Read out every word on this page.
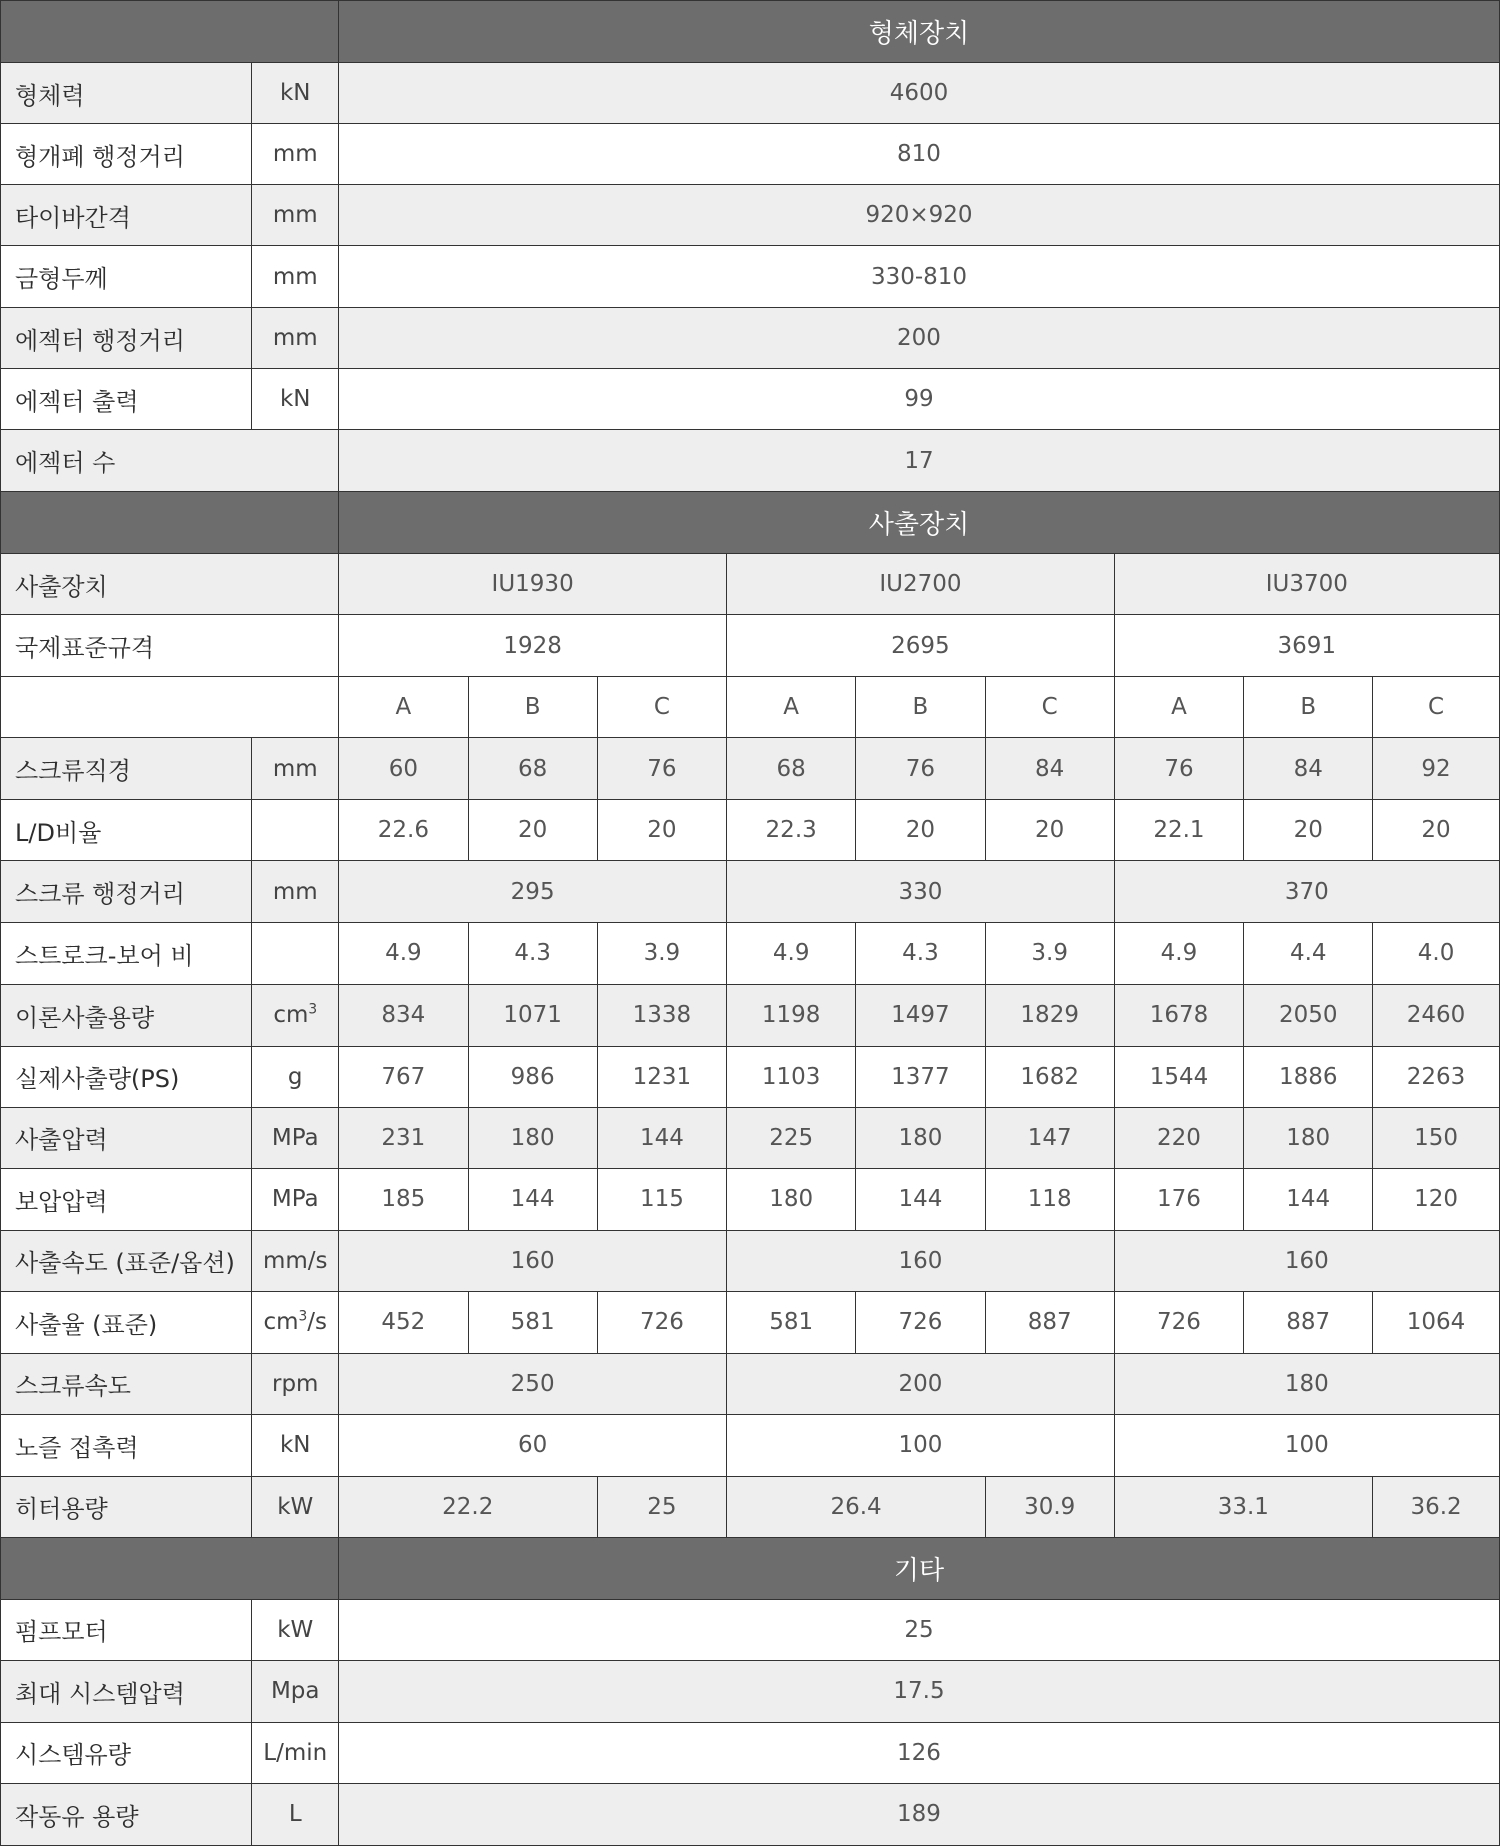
		형체장치								
형체력	kN	4600								
형개폐 행정거리	mm	810								
타이바간격	mm	920×920								
금형두께	mm	330-810								
에젝터 행정거리	mm	200								
에젝터 출력	kN	99								
에젝터 수		17								
		사출장치								
사출장치		IU1930			IU2700			IU3700		
국제표준규격		1928			2695			3691		
		A	B	C	A	B	C	A	B	C
스크류직경	mm	60	68	76	68	76	84	76	84	92
L/D비율		22.6	20	20	22.3	20	20	22.1	20	20
스크류 행정거리	mm	295			330			370		
스트로크-보어 비		4.9	4.3	3.9	4.9	4.3	3.9	4.9	4.4	4.0
이론사출용량	$cm^3$	834	1071	1338	1198	1497	1829	1678	2050	2460
실제사출량(PS)	g	767	986	1231	1103	1377	1682	1544	1886	2263
사출압력	MPa	231	180	144	225	180	147	220	180	150
보압압력	MPa	185	144	115	180	144	118	176	144	120
사출속도 (표준/옵션)	mm/s	160			160			160		
사출율 (표준)	$cm^3/s$	452	581	726	581	726	887	726	887	1064
스크류속도	rpm	250			200			180		
노즐 접촉력	kN	60			100			100		
히터용량	kW	22.2		25	26.4		30.9	33.1		36.2
		기타								
펌프모터	kW	25								
최대 시스템압력	Mpa	17.5								
시스템유량	L/min	126								
작동유 용량	L	189								
